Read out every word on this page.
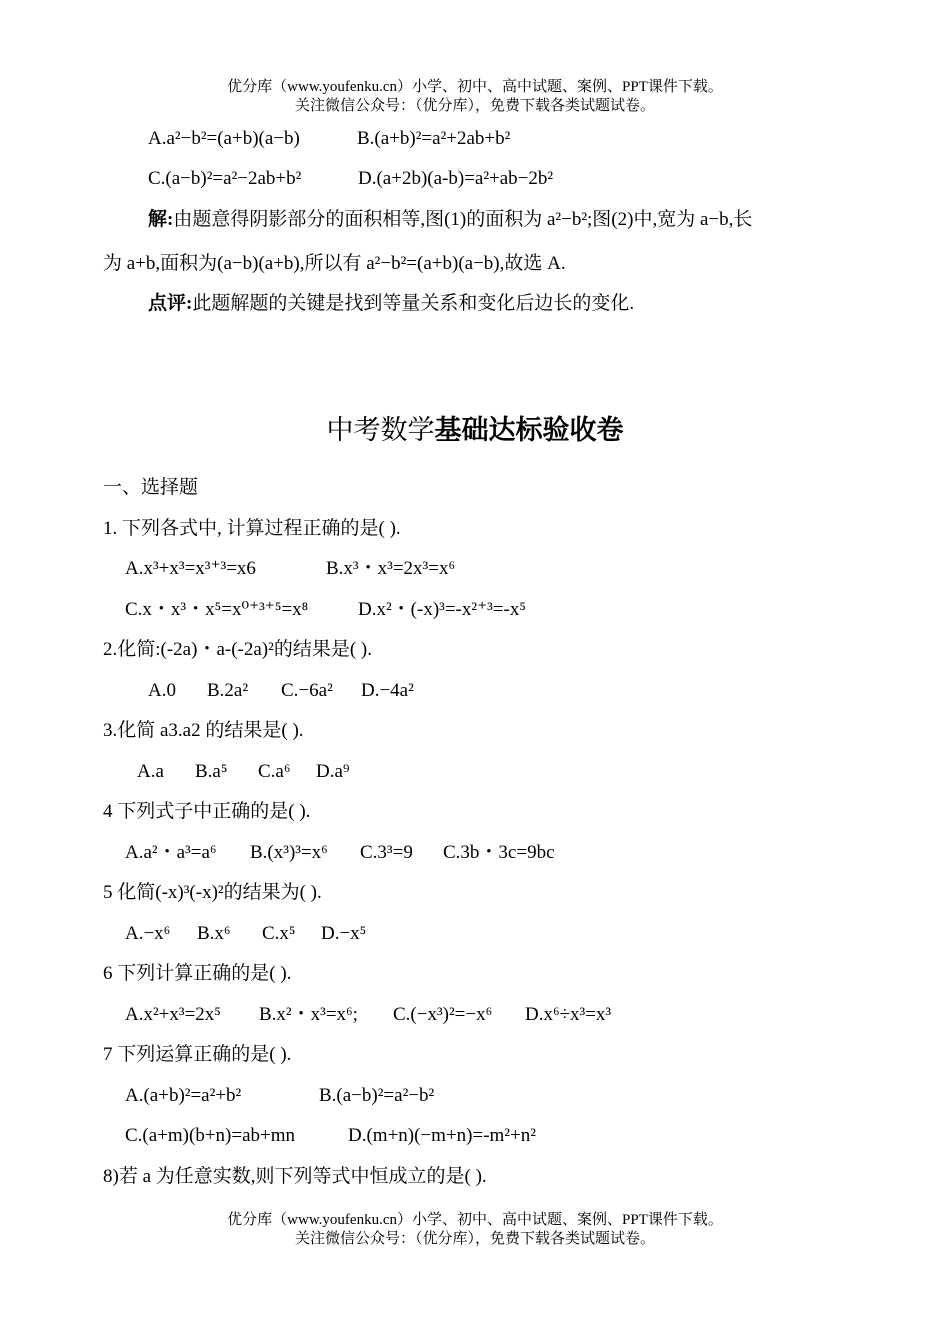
优分库（www.youfenku.cn）小学、初中、高中试题、案例、PPT课件下载。
关注微信公众号：（优分库），免费下载各类试题试卷。
A.a²−b²=(a+b)(a−b)	B.(a+b)²=a²+2ab+b²
C.(a−b)²=a²−2ab+b²	D.(a+2b)(a-b)=a²+ab−2b²
解:由题意得阴影部分的面积相等,图(1)的面积为 a²−b²;图(2)中,宽为 a−b,长
为 a+b,面积为(a−b)(a+b),所以有 a²−b²=(a+b)(a−b),故选 A.
点评:此题解题的关键是找到等量关系和变化后边长的变化.
中考数学基础达标验收卷
一、选择题
1. 下列各式中, 计算过程正确的是( ).
A.x³+x³=x³⁺³=x6	B.x³・x³=2x³=x⁶
C.x・x³・x⁵=x⁰⁺³⁺⁵=x⁸	D.x²・(-x)³=-x²⁺³=-x⁵
2.化简:(-2a)・a-(-2a)²的结果是( ).
A.0 B.2a² C.−6a² D.−4a²
3.化简 a3.a2 的结果是( ).
A.a B.a⁵ C.a⁶ D.a⁹
4 下列式子中正确的是( ).
A.a²・a³=a⁶ B.(x³)³=x⁶ C.3³=9 C.3b・3c=9bc
5 化简(-x)³(-x)²的结果为( ).
A.−x⁶ B.x⁶ C.x⁵ D.−x⁵
6 下列计算正确的是( ).
A.x²+x³=2x⁵ B.x²・x³=x⁶; C.(−x³)²=−x⁶ D.x⁶÷x³=x³
7 下列运算正确的是( ).
A.(a+b)²=a²+b²	B.(a−b)²=a²−b²
C.(a+m)(b+n)=ab+mn	D.(m+n)(−m+n)=-m²+n²
8)若 a 为任意实数,则下列等式中恒成立的是( ).
优分库（www.youfenku.cn）小学、初中、高中试题、案例、PPT课件下载。
关注微信公众号：（优分库），免费下载各类试题试卷。
